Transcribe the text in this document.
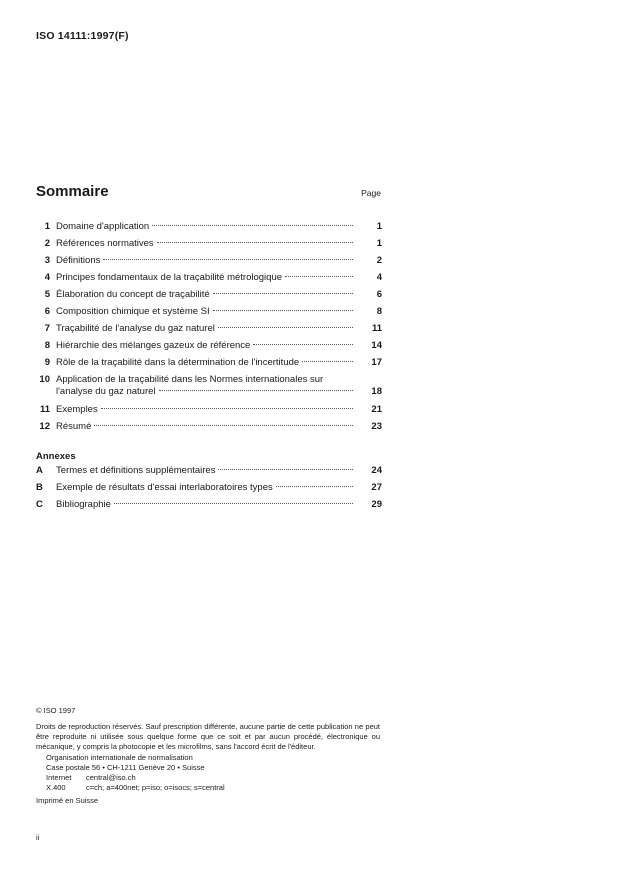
ISO 14111:1997(F)
Sommaire	Page
1 Domaine d'application	1
2 Références normatives	1
3 Définitions	2
4 Principes fondamentaux de la traçabilité métrologique	4
5 Élaboration du concept de traçabilité	6
6 Composition chimique et système SI	8
7 Traçabilité de l'analyse du gaz naturel	11
8 Hiérarchie des mélanges gazeux de référence	14
9 Rôle de la traçabilité dans la détermination de l'incertitude	17
10 Application de la traçabilité dans les Normes internationales sur
l'analyse du gaz naturel	18
11 Exemples	21
12 Résumé	23
Annexes
A Termes et définitions supplémentaires	24
B Exemple de résultats d'essai interlaboratoires types	27
C Bibliographie	29
© ISO 1997
Droits de reproduction réservés. Sauf prescription différente, aucune partie de cette publication ne peut être reproduite ni utilisée sous quelque forme que ce soit et par aucun procédé, électronique ou mécanique, y compris la photocopie et les microfilms, sans l'accord écrit de l'éditeur.
Organisation internationale de normalisation
Case postale 56 • CH-1211 Genève 20 • Suisse
Internet	central@iso.ch
X.400	c=ch; a=400net; p=iso; o=isocs; s=central
Imprimé en Suisse
ii
